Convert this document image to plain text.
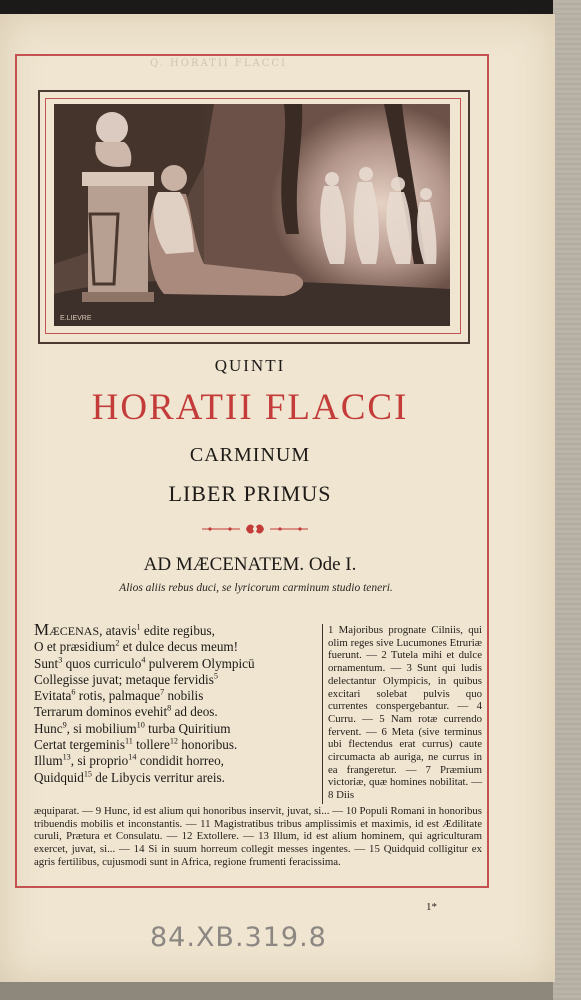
Q. HORATII FLACCI
E.LIEVRE
QUINTI
HORATII FLACCI
CARMINUM
LIBER PRIMUS
AD MÆCENATEM. Ode I.
Alios aliis rebus duci, se lyricorum carminum studio teneri.
Mæcenas, atavis$^1$ edite regibus,
O et præsidium$^2$ et dulce decus meum!
Sunt$^3$ quos curriculo$^4$ pulverem Olympicū
Collegisse juvat; metaque fervidis$^5$
Evitata$^6$ rotis, palmaque$^7$ nobilis
Terrarum dominos evehit$^8$ ad deos.
Hunc$^9$, si mobilium$^{10}$ turba Quiritium
Certat tergeminis$^{11}$ tollere$^{12}$ honoribus.
Illum$^{13}$, si proprio$^{14}$ condidit horreo,
Quidquid$^{15}$ de Libycis verritur areis.
1 Majoribus prognate Cilniis, qui olim reges sive Lucumones Etruriæ fuerunt. — 2 Tutela mihi et dulce ornamentum. — 3 Sunt qui ludis delectantur Olympicis, in quibus excitari solebat pulvis quo currentes conspergebantur. — 4 Curru. — 5 Nam rotæ currendo fervent. — 6 Meta (sive terminus ubi flectendus erat currus) caute circumacta ab auriga, ne currus in ea frangeretur. — 7 Præmium victoriæ, quæ homines nobilitat. — 8 Diis
æquiparat. — 9 Hunc, id est alium qui honoribus inservit, juvat, si... — 10 Populi Romani in honoribus tribuendis mobilis et inconstantis. — 11 Magistratibus tribus amplissimis et maximis, id est Ædilitate curuli, Prætura et Consulatu. — 12 Extollere. — 13 Illum, id est alium hominem, qui agriculturam exercet, juvat, si... — 14 Si in suum horreum collegit messes ingentes. — 15 Quidquid colligitur ex agris fertilibus, cujusmodi sunt in Africa, regione frumenti feracissima.
1*
84.XB.319.8
